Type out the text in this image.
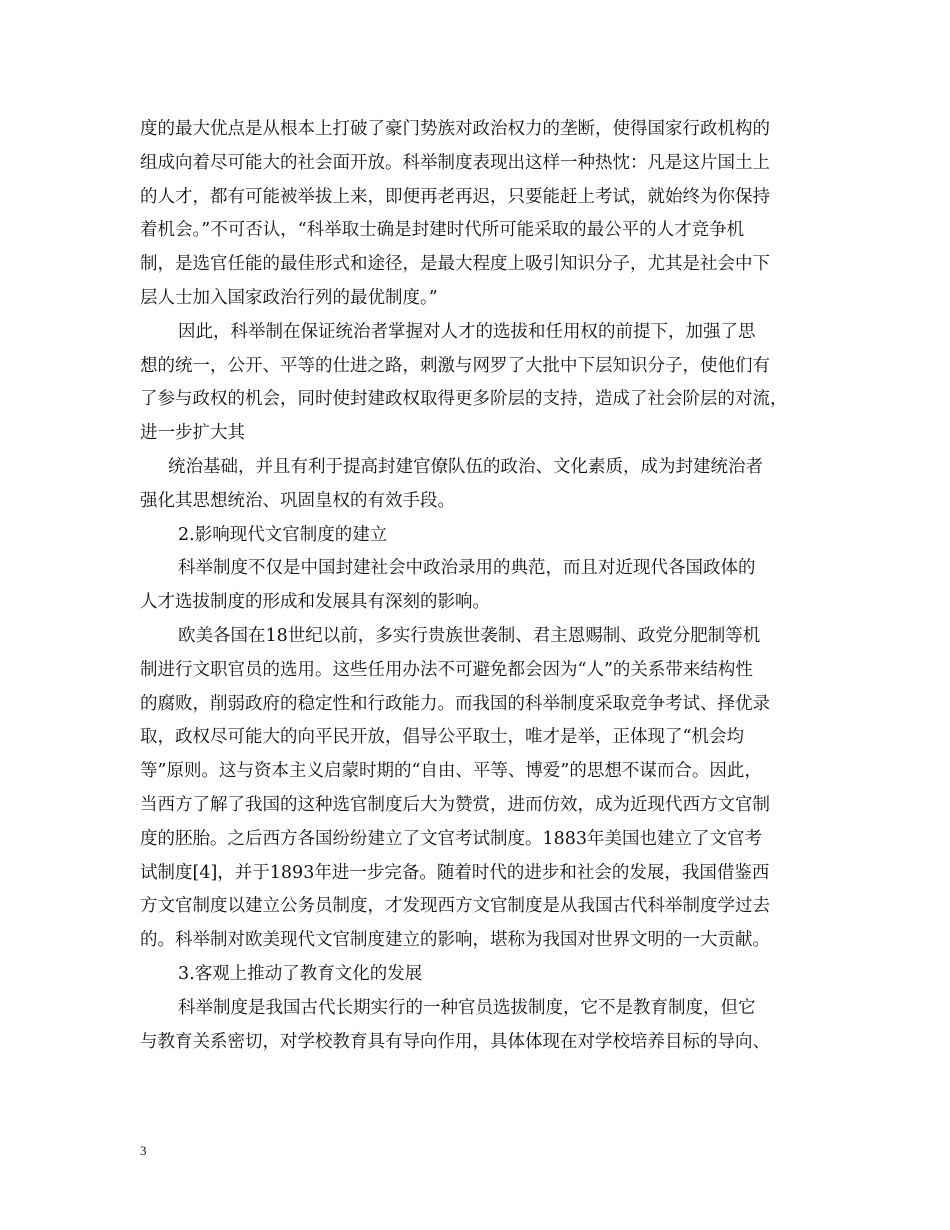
度的最大优点是从根本上打破了豪门势族对政治权力的垄断，使得国家行政机构的
组成向着尽可能大的社会面开放。科举制度表现出这样一种热忱：凡是这片国土上
的人才，都有可能被举拔上来，即便再老再迟，只要能赶上考试，就始终为你保持
着机会。”不可否认，“科举取士确是封建时代所可能采取的最公平的人才竞争机
制，是选官任能的最佳形式和途径，是最大程度上吸引知识分子，尤其是社会中下
层人士加入国家政治行列的最优制度。”
因此，科举制在保证统治者掌握对人才的选拔和任用权的前提下，加强了思
想的统一，公开、平等的仕进之路，刺激与网罗了大批中下层知识分子，使他们有
了参与政权的机会，同时使封建政权取得更多阶层的支持，造成了社会阶层的对流，
进一步扩大其
统治基础，并且有利于提高封建官僚队伍的政治、文化素质，成为封建统治者
强化其思想统治、巩固皇权的有效手段。
2.影响现代文官制度的建立
科举制度不仅是中国封建社会中政治录用的典范，而且对近现代各国政体的
人才选拔制度的形成和发展具有深刻的影响。
欧美各国在18世纪以前，多实行贵族世袭制、君主恩赐制、政党分肥制等机
制进行文职官员的选用。这些任用办法不可避免都会因为“人”的关系带来结构性
的腐败，削弱政府的稳定性和行政能力。而我国的科举制度采取竞争考试、择优录
取，政权尽可能大的向平民开放，倡导公平取士，唯才是举，正体现了“机会均
等”原则。这与资本主义启蒙时期的“自由、平等、博爱”的思想不谋而合。因此，
当西方了解了我国的这种选官制度后大为赞赏，进而仿效，成为近现代西方文官制
度的胚胎。之后西方各国纷纷建立了文官考试制度。1883年美国也建立了文官考
试制度[4]，并于1893年进一步完备。随着时代的进步和社会的发展，我国借鉴西
方文官制度以建立公务员制度，才发现西方文官制度是从我国古代科举制度学过去
的。科举制对欧美现代文官制度建立的影响，堪称为我国对世界文明的一大贡献。
3.客观上推动了教育文化的发展
科举制度是我国古代长期实行的一种官员选拔制度，它不是教育制度，但它
与教育关系密切，对学校教育具有导向作用，具体体现在对学校培养目标的导向、
3
